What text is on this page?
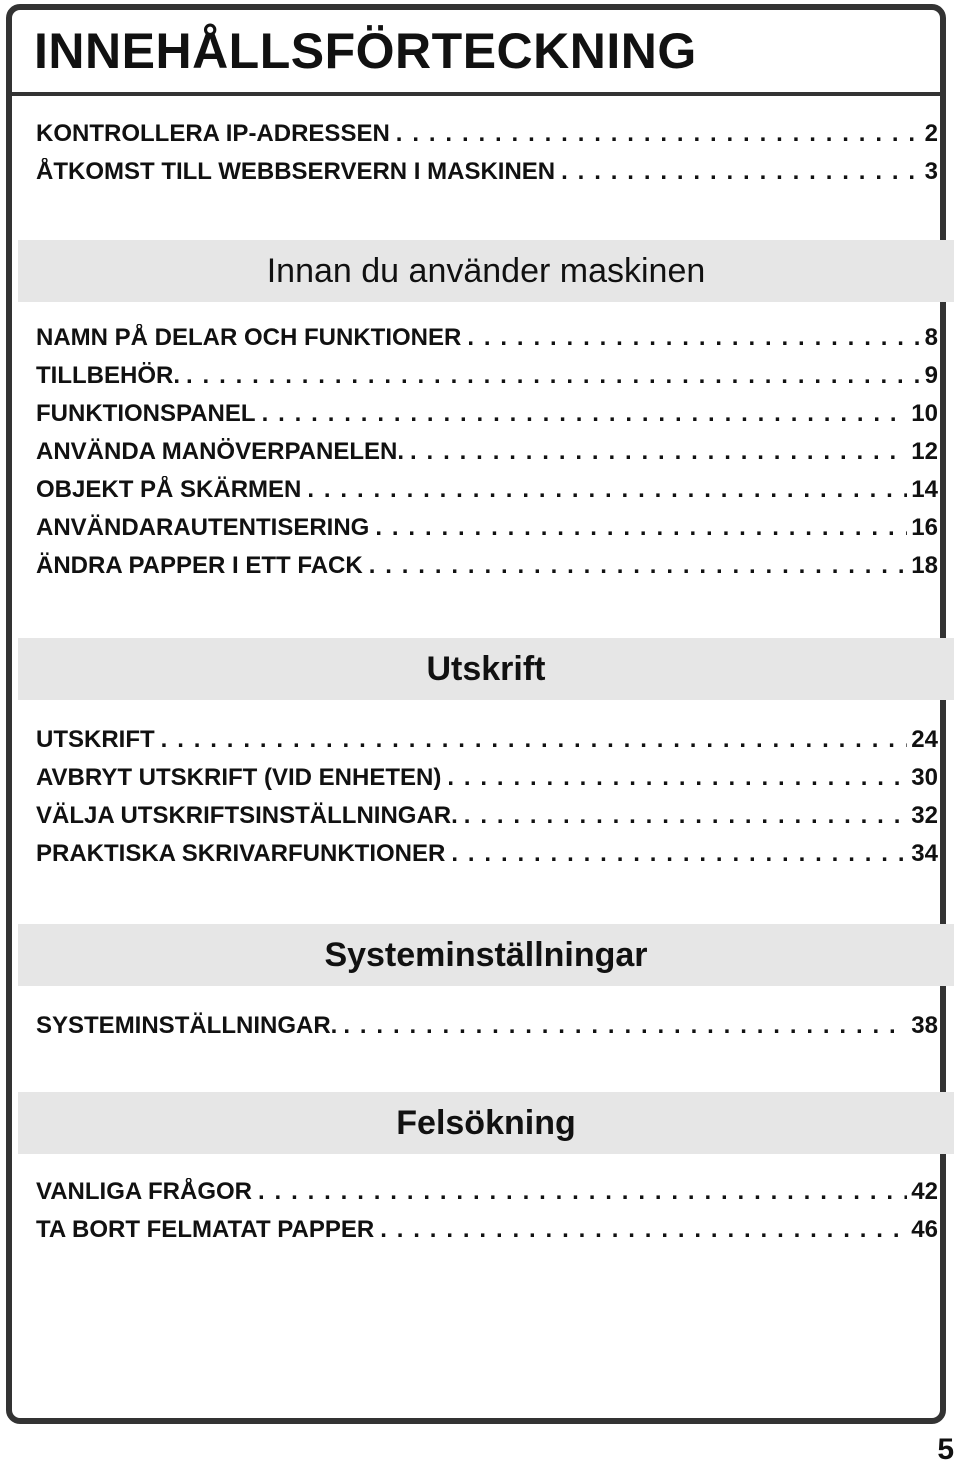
INNEHÅLLSFÖRTECKNING
KONTROLLERA IP-ADRESSEN . . .	2
ÅTKOMST TILL WEBBSERVERN I MASKINEN . . .	3
Innan du använder maskinen
NAMN PÅ DELAR OCH FUNKTIONER . . .	8
TILLBEHÖR. . . .	9
FUNKTIONSPANEL . . .	10
ANVÄNDA MANÖVERPANELEN. . . .	12
OBJEKT PÅ SKÄRMEN . . .	14
ANVÄNDARAUTENTISERING . . .	16
ÄNDRA PAPPER I ETT FACK . . .	18
Utskrift
UTSKRIFT . . .	24
AVBRYT UTSKRIFT (VID ENHETEN) . . .	30
VÄLJA UTSKRIFTSINSTÄLLNINGAR. . . .	32
PRAKTISKA SKRIVARFUNKTIONER . . .	34
Systeminställningar
SYSTEMINSTÄLLNINGAR. . . .	38
Felsökning
VANLIGA FRÅGOR . . .	42
TA BORT FELMATAT PAPPER . . .	46
5
